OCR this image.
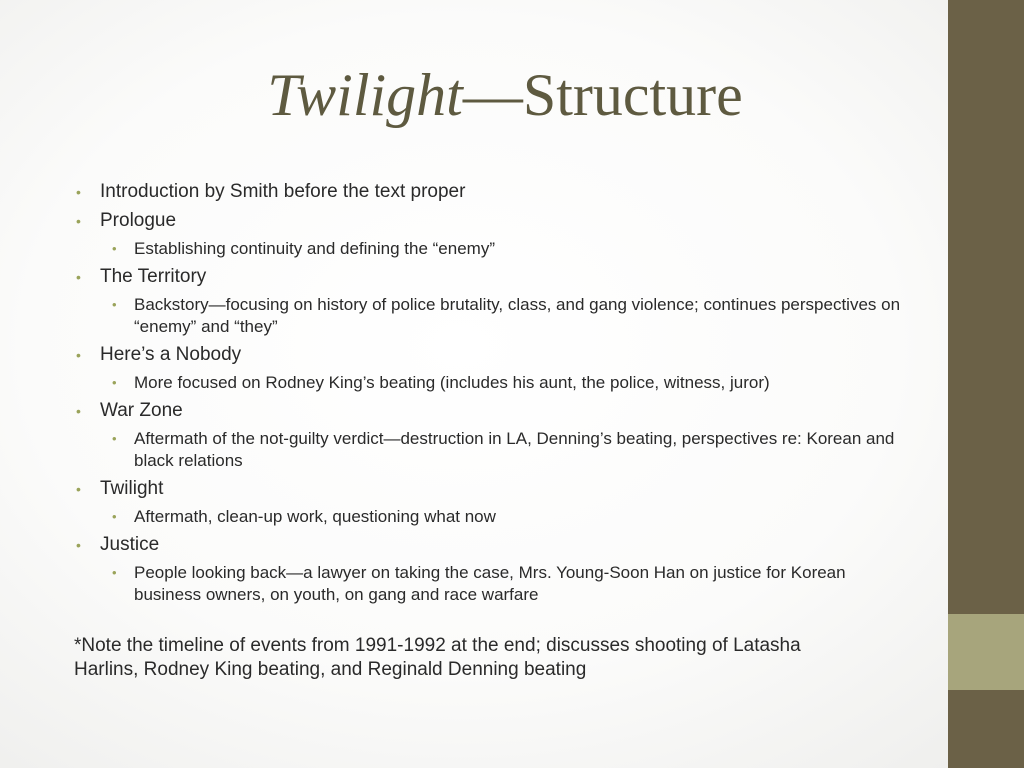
Twilight—Structure
• Introduction by Smith before the text proper
• Prologue
• Establishing continuity and defining the “enemy”
• The Territory
• Backstory—focusing on history of police brutality, class, and gang violence; continues perspectives on “enemy” and “they”
• Here’s a Nobody
• More focused on Rodney King’s beating (includes his aunt, the police, witness, juror)
• War Zone
• Aftermath of the not-guilty verdict—destruction in LA, Denning’s beating, perspectives re: Korean and black relations
• Twilight
• Aftermath, clean-up work, questioning what now
• Justice
• People looking back—a lawyer on taking the case, Mrs. Young-Soon Han on justice for Korean business owners, on youth, on gang and race warfare
*Note the timeline of events from 1991-1992 at the end; discusses shooting of Latasha Harlins, Rodney King beating, and Reginald Denning beating
